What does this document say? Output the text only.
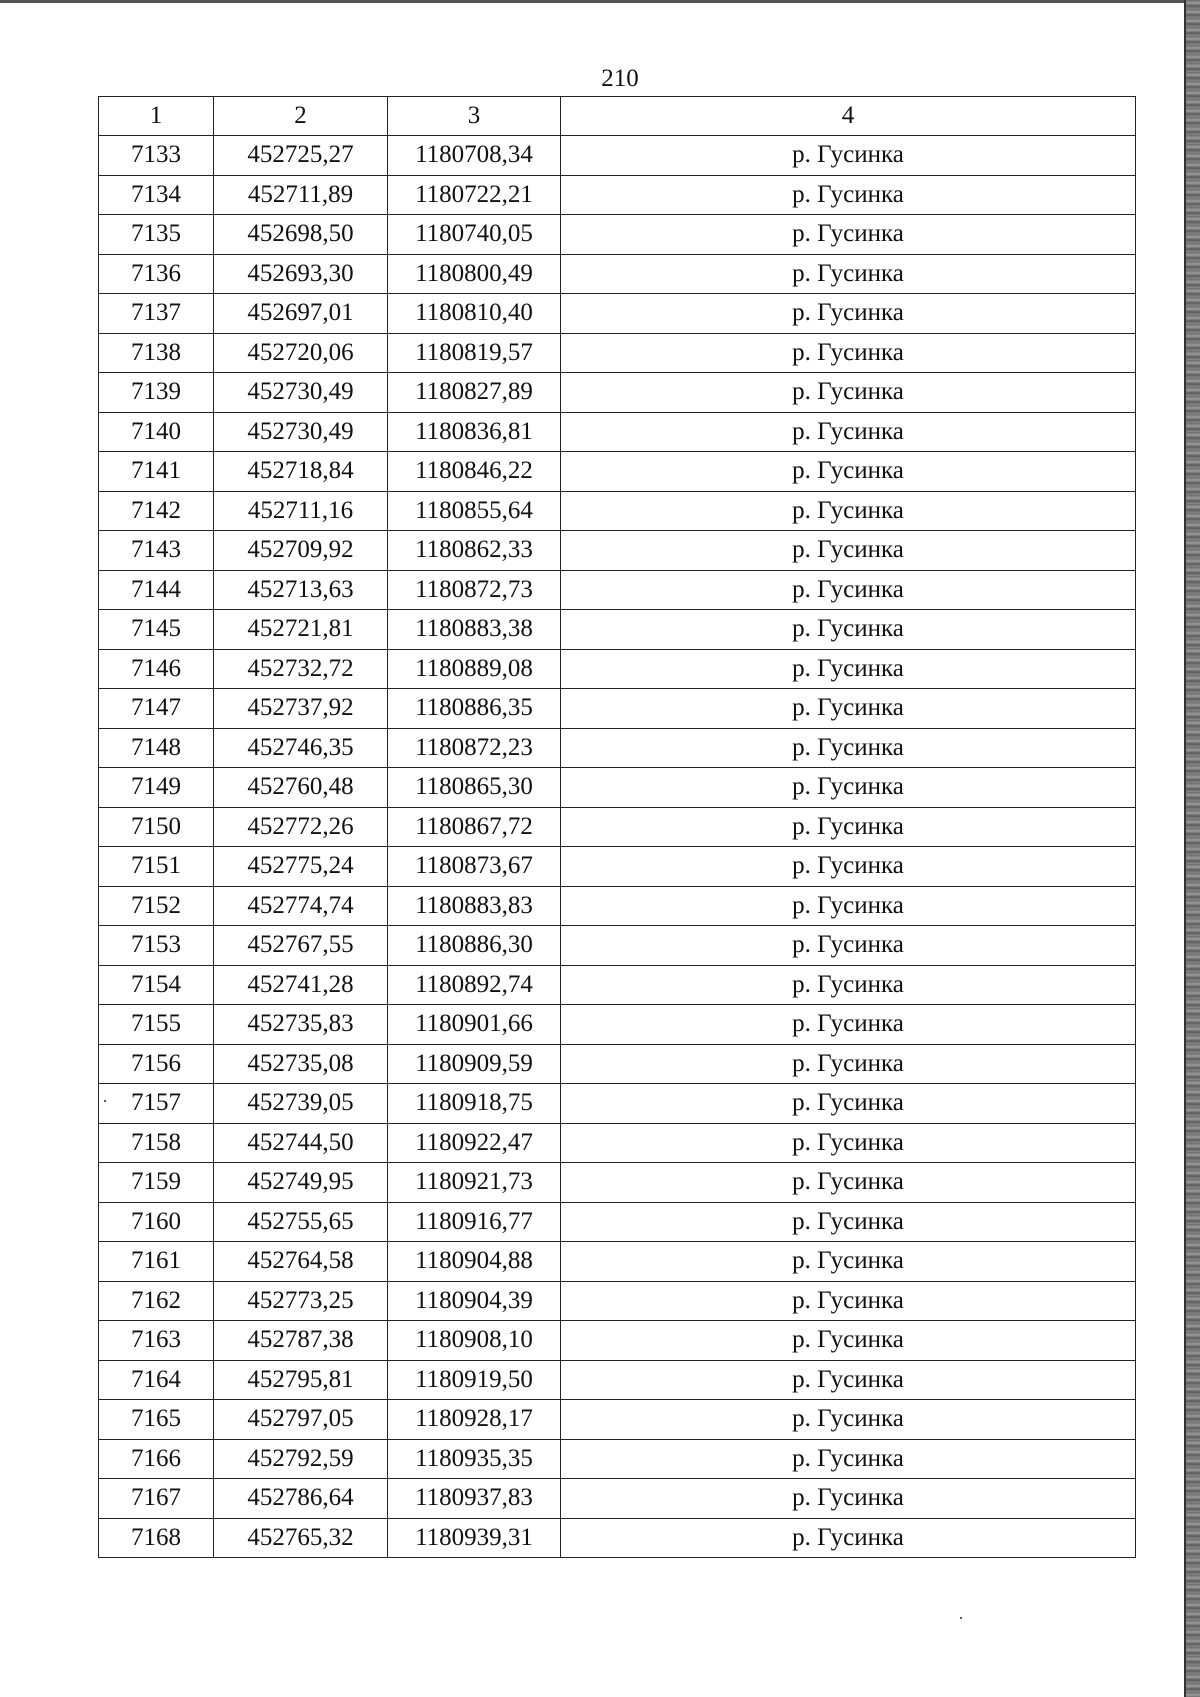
210
1	2	3	4
7133	452725,27	1180708,34	р. Гусинка
7134	452711,89	1180722,21	р. Гусинка
7135	452698,50	1180740,05	р. Гусинка
7136	452693,30	1180800,49	р. Гусинка
7137	452697,01	1180810,40	р. Гусинка
7138	452720,06	1180819,57	р. Гусинка
7139	452730,49	1180827,89	р. Гусинка
7140	452730,49	1180836,81	р. Гусинка
7141	452718,84	1180846,22	р. Гусинка
7142	452711,16	1180855,64	р. Гусинка
7143	452709,92	1180862,33	р. Гусинка
7144	452713,63	1180872,73	р. Гусинка
7145	452721,81	1180883,38	р. Гусинка
7146	452732,72	1180889,08	р. Гусинка
7147	452737,92	1180886,35	р. Гусинка
7148	452746,35	1180872,23	р. Гусинка
7149	452760,48	1180865,30	р. Гусинка
7150	452772,26	1180867,72	р. Гусинка
7151	452775,24	1180873,67	р. Гусинка
7152	452774,74	1180883,83	р. Гусинка
7153	452767,55	1180886,30	р. Гусинка
7154	452741,28	1180892,74	р. Гусинка
7155	452735,83	1180901,66	р. Гусинка
7156	452735,08	1180909,59	р. Гусинка
7157	452739,05	1180918,75	р. Гусинка
7158	452744,50	1180922,47	р. Гусинка
7159	452749,95	1180921,73	р. Гусинка
7160	452755,65	1180916,77	р. Гусинка
7161	452764,58	1180904,88	р. Гусинка
7162	452773,25	1180904,39	р. Гусинка
7163	452787,38	1180908,10	р. Гусинка
7164	452795,81	1180919,50	р. Гусинка
7165	452797,05	1180928,17	р. Гусинка
7166	452792,59	1180935,35	р. Гусинка
7167	452786,64	1180937,83	р. Гусинка
7168	452765,32	1180939,31	р. Гусинка
